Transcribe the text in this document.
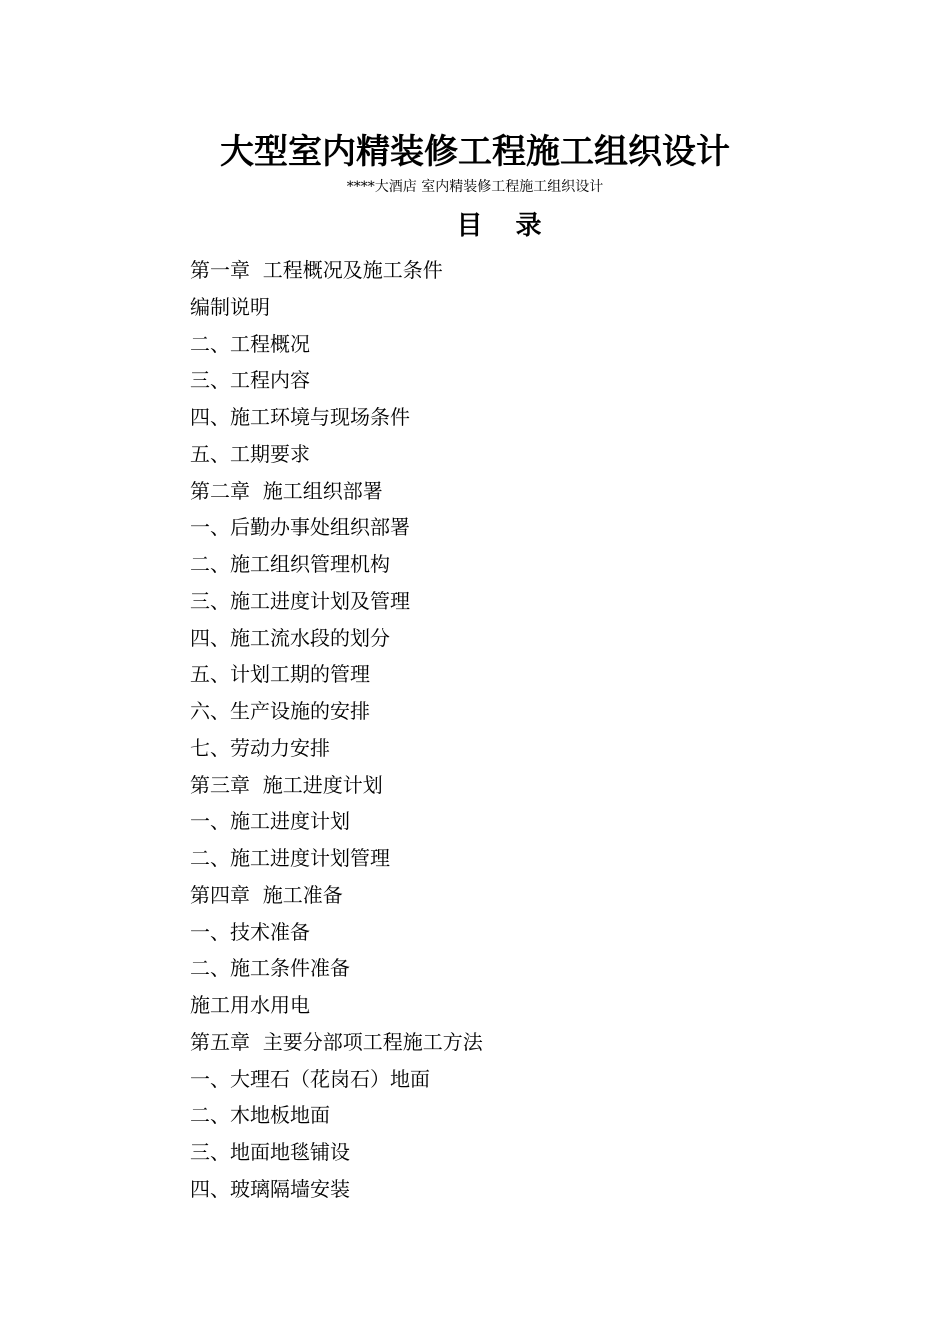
大型室内精装修工程施工组织设计
****大酒店 室内精装修工程施工组织设计
目 录
第一章  工程概况及施工条件
编制说明
二、工程概况
三、工程内容
四、施工环境与现场条件
五、工期要求
第二章  施工组织部署
一、后勤办事处组织部署
二、施工组织管理机构
三、施工进度计划及管理
四、施工流水段的划分
五、计划工期的管理
六、生产设施的安排
七、劳动力安排
第三章  施工进度计划
一、施工进度计划
二、施工进度计划管理
第四章  施工准备
一、技术准备
二、施工条件准备
施工用水用电
第五章  主要分部项工程施工方法
一、大理石（花岗石）地面
二、木地板地面
三、地面地毯铺设
四、玻璃隔墙安装
